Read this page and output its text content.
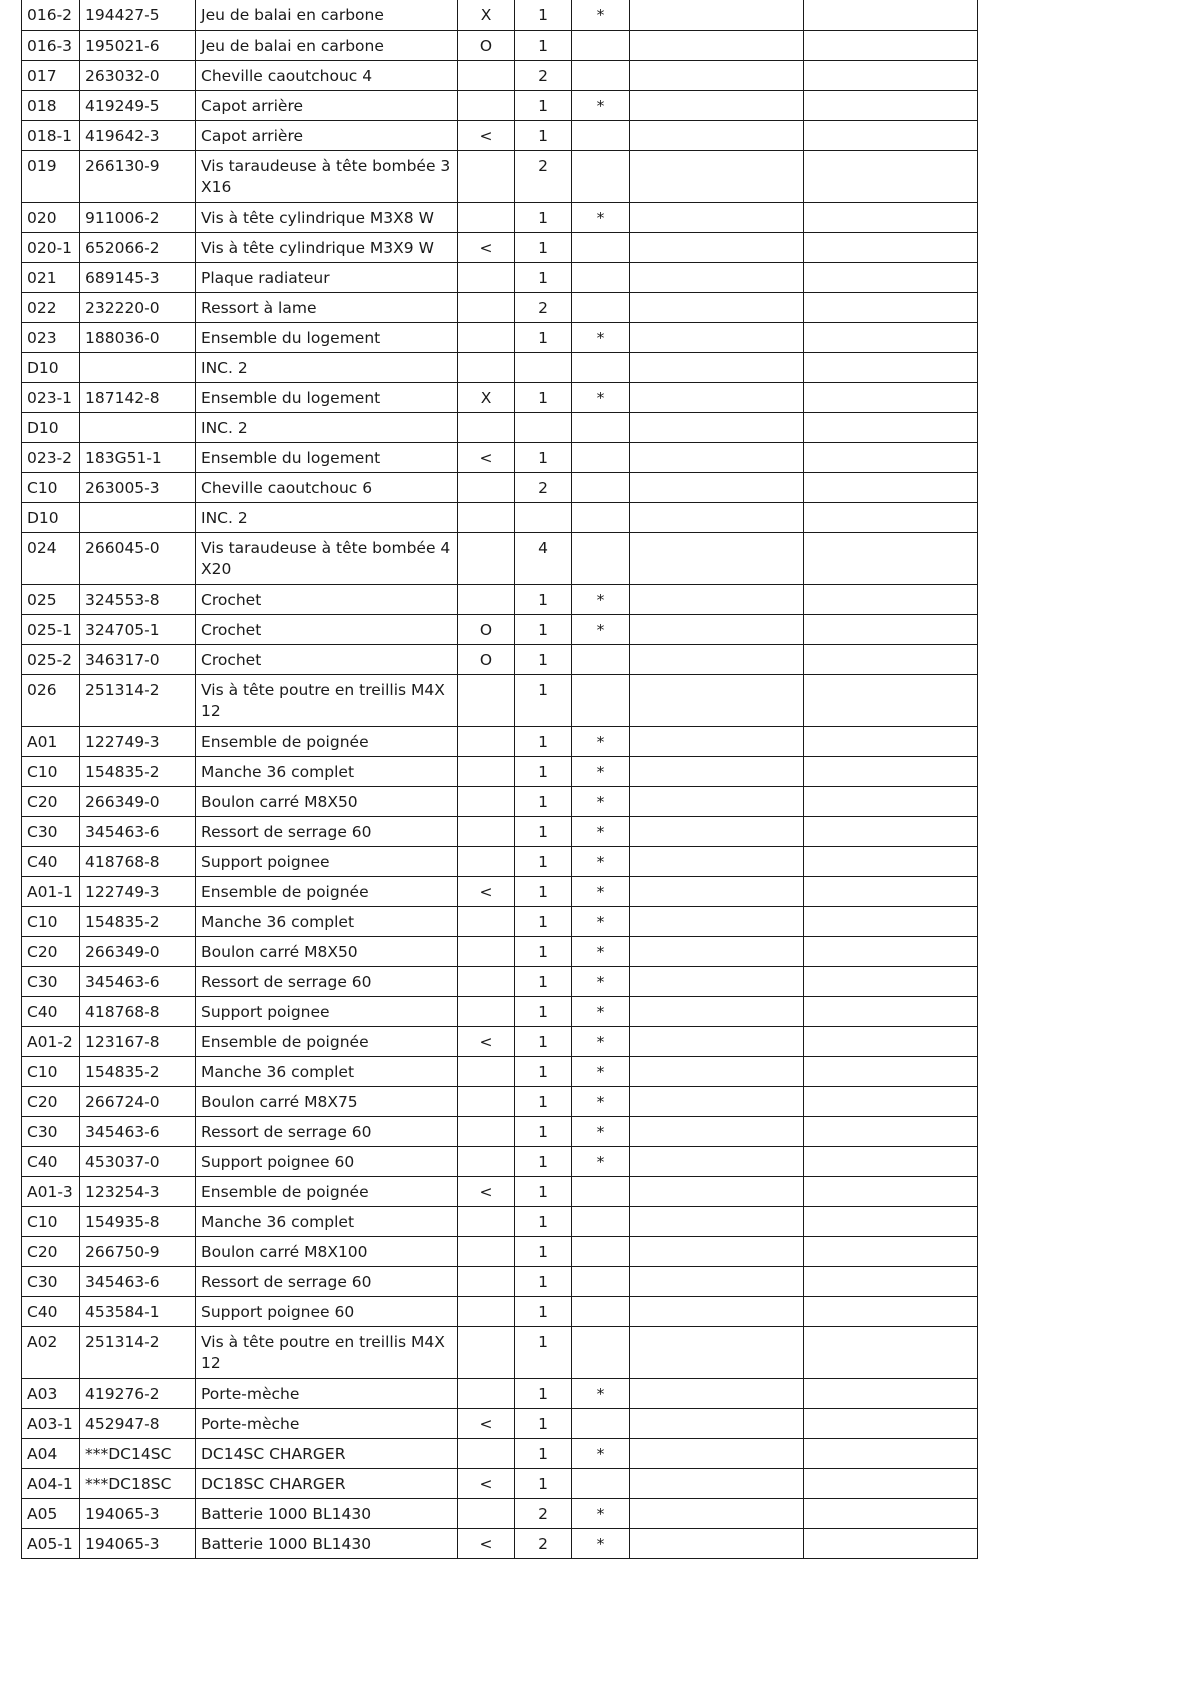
016-2	194427-5	Jeu de balai en carbone	X	1	*		
016-3	195021-6	Jeu de balai en carbone	O	1			
017	263032-0	Cheville caoutchouc 4		2			
018	419249-5	Capot arrière		1	*		
018-1	419642-3	Capot arrière	<	1			
019	266130-9	Vis taraudeuse à tête bombée 3X16		2			
020	911006-2	Vis à tête cylindrique M3X8 W		1	*		
020-1	652066-2	Vis à tête cylindrique M3X9 W	<	1			
021	689145-3	Plaque radiateur		1			
022	232220-0	Ressort à lame		2			
023	188036-0	Ensemble du logement		1	*		
D10		INC. 2					
023-1	187142-8	Ensemble du logement	X	1	*		
D10		INC. 2					
023-2	183G51-1	Ensemble du logement	<	1			
C10	263005-3	Cheville caoutchouc 6		2			
D10		INC. 2					
024	266045-0	Vis taraudeuse à tête bombée 4X20		4			
025	324553-8	Crochet		1	*		
025-1	324705-1	Crochet	O	1	*		
025-2	346317-0	Crochet	O	1			
026	251314-2	Vis à tête poutre en treillis M4X12		1			
A01	122749-3	Ensemble de poignée		1	*		
C10	154835-2	Manche 36 complet		1	*		
C20	266349-0	Boulon carré M8X50		1	*		
C30	345463-6	Ressort de serrage 60		1	*		
C40	418768-8	Support poignee		1	*		
A01-1	122749-3	Ensemble de poignée	<	1	*		
C10	154835-2	Manche 36 complet		1	*		
C20	266349-0	Boulon carré M8X50		1	*		
C30	345463-6	Ressort de serrage 60		1	*		
C40	418768-8	Support poignee		1	*		
A01-2	123167-8	Ensemble de poignée	<	1	*		
C10	154835-2	Manche 36 complet		1	*		
C20	266724-0	Boulon carré M8X75		1	*		
C30	345463-6	Ressort de serrage 60		1	*		
C40	453037-0	Support poignee 60		1	*		
A01-3	123254-3	Ensemble de poignée	<	1			
C10	154935-8	Manche 36 complet		1			
C20	266750-9	Boulon carré M8X100		1			
C30	345463-6	Ressort de serrage 60		1			
C40	453584-1	Support poignee 60		1			
A02	251314-2	Vis à tête poutre en treillis M4X12		1			
A03	419276-2	Porte-mèche		1	*		
A03-1	452947-8	Porte-mèche	<	1			
A04	***DC14SC	DC14SC CHARGER		1	*		
A04-1	***DC18SC	DC18SC CHARGER	<	1			
A05	194065-3	Batterie 1000 BL1430		2	*		
A05-1	194065-3	Batterie 1000 BL1430	<	2	*		
